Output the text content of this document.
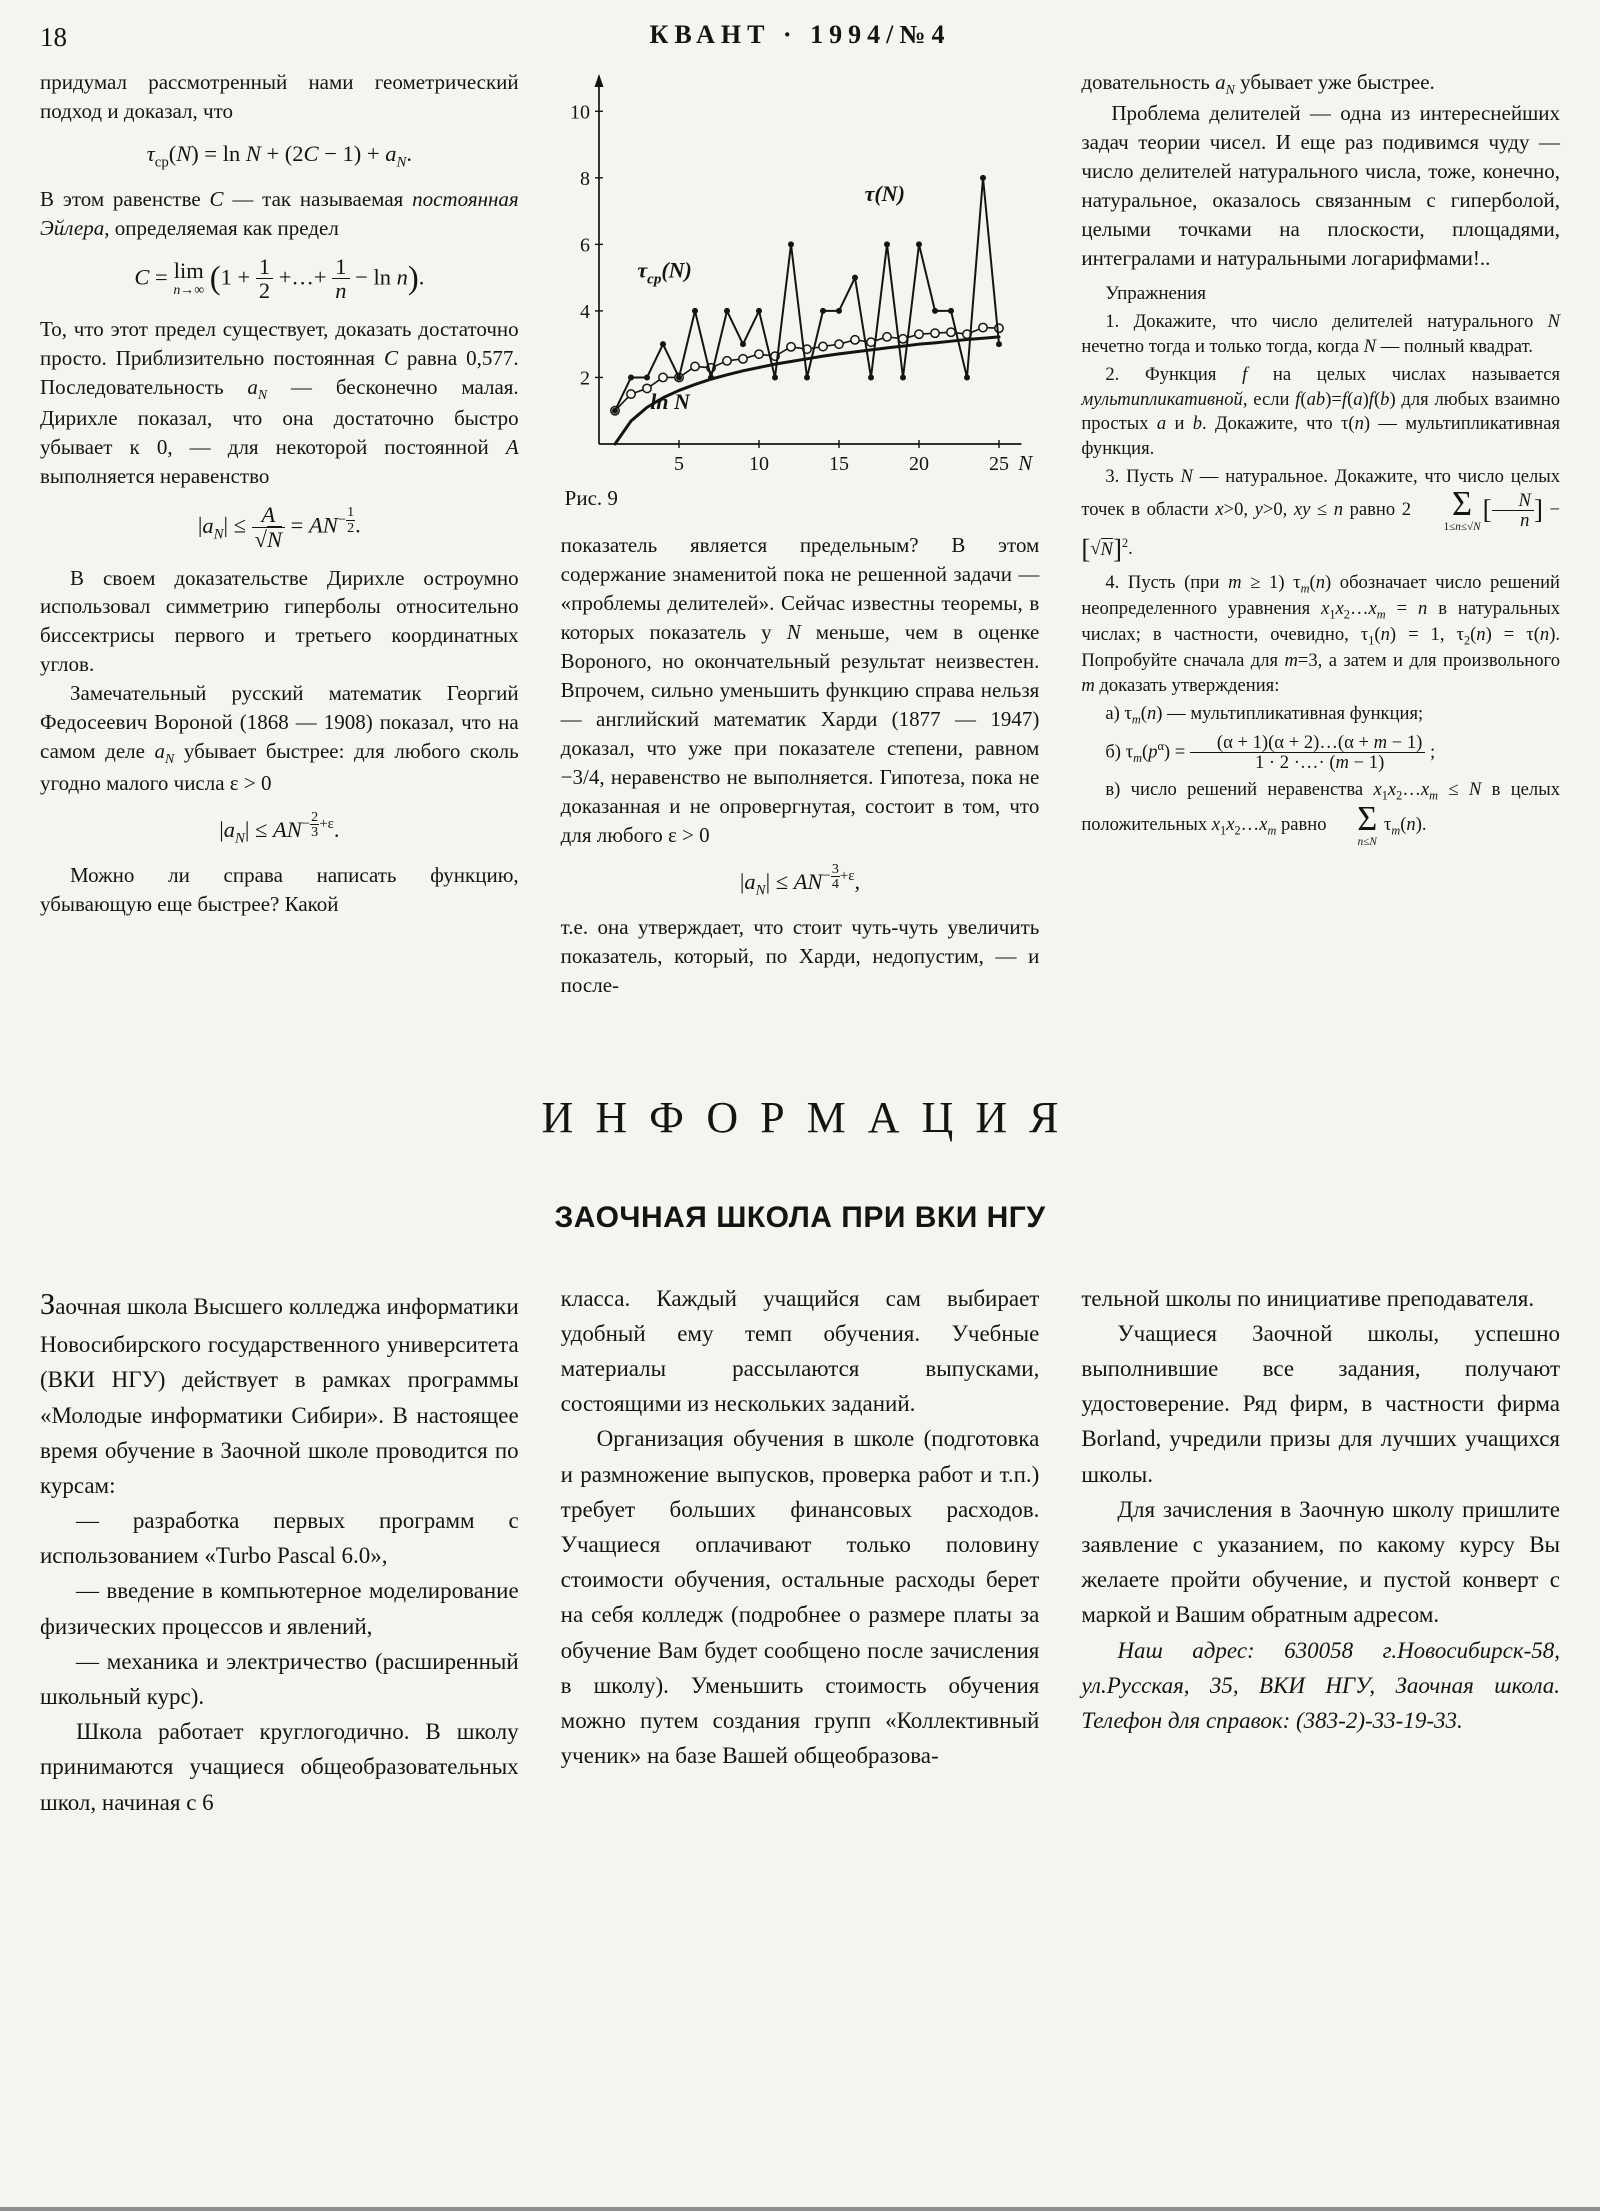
18	КВАНТ · 1994/№4

придумал рассмотренный нами геометрический подход и доказал, что

$\tau_{ср}(N) = \ln N + (2C - 1) + a_N$.

В этом равенстве C — так называемая постоянная Эйлера, определяемая как предел

C = lim
n→∞ ($1 + \frac{1}{2}$ +…+ $\frac{1}{n} - \ln n$).

То, что этот предел существует, доказать достаточно просто. Приблизительно постоянная C равна 0,577. Последовательность $a_N$ — бесконечно малая. Дирихле показал, что она достаточно быстро убывает к 0, — для некоторой постоянной A выполняется неравенство

$|a_N| \le \frac{A}{√N} = AN^{- \frac{1}{2}}$ .

В своем доказательстве Дирихле остроумно использовал симметрию гиперболы относительно биссектрисы первого и третьего координатных углов.

Замечательный русский математик Георгий Федосеевич Вороной (1868 — 1908) показал, что на самом деле $a_N$ убывает быстрее: для любого сколь угодно малого числа ε > 0

$|a_N| \le AN^{- \frac{2}{3} +\varepsilon}$.

Можно ли справа написать функцию, убывающую еще быстрее? Какой

2
4
6
8
10
5	10	15	20	25 N
τ(N)
$\tau_{ср}(N)$
ln N
Рис. 9

показатель является предельным? В этом содержание знаменитой пока не решенной задачи — «проблемы делителей». Сейчас известны теоремы, в которых показатель у N меньше, чем в оценке Вороного, но окончательный результат неизвестен. Впрочем, сильно уменьшить функцию справа нельзя — английский математик Харди (1877 — 1947) доказал, что уже при показателе степени, равном −3/4, неравенство не выполняется. Гипотеза, пока не доказанная и не опровергнутая, состоит в том, что для любого ε > 0

$|a_N| \le AN^{- \frac{3}{4} +\varepsilon}$,

т.е. она утверждает, что стоит чуть-чуть увеличить показатель, который, по Харди, недопустим, — и после-

довательность $a_N$ убывает уже быстрее.

Проблема делителей — одна из интереснейших задач теории чисел. И еще раз подивимся чуду — число делителей натурального числа, тоже, конечно, натуральное, оказалось связанным с гиперболой, целыми точками на плоскости, площадями, интегралами и натуральными логарифмами!..

Упражнения

1. Докажите, что число делителей натурального N нечетно тогда и только тогда, когда N — полный квадрат.

2. Функция f на целых числах называется мультипликативной, если f(ab)=f(a)f(b) для любых взаимно простых a и b. Докажите, что τ(n) — мультипликативная функция.

3. Пусть N — натуральное. Докажите, что число целых точек в области x>0, y>0, xy ≤ n равно 2	Σ
1≤n≤√N
[ $\frac{N}{n}$ ] − $[√N]^2$.

4. Пусть (при m ≥ 1) $\tau_m(n)$ обозначает число решений неопределенного уравнения $x_1x_2\dots x_m = n$ в натуральных числах; в частности, очевидно, $\tau_1(n) = 1$, $\tau_2(n) = \tau(n)$. Попробуйте сначала для m=3, а затем и для произвольного m доказать утверждения:

а) $\tau_m(n)$ — мультипликативная функция;

б) $\tau_m(p^\alpha) = \frac{(\alpha + 1)(\alpha + 2)\dots(\alpha + m - 1)}{1 \cdot 2 \cdot\dots\cdot (m - 1)}$ ;

в) число решений неравенства $x_1x_2\dots x_m \le N$ в целых положительных $x_1x_2\dots x_m$ равно Σ
n≤N
$\tau_m(n)$.

ИНФОРМАЦИЯ
ЗАОЧНАЯ ШКОЛА ПРИ ВКИ НГУ

Заочная школа Высшего колледжа информатики Новосибирского государственного университета (ВКИ НГУ) действует в рамках программы «Молодые информатики Сибири». В настоящее время обучение в Заочной школе проводится по курсам:

— разработка первых программ с использованием «Turbo Pascal 6.0»,

— введение в компьютерное моделирование физических процессов и явлений,

— механика и электричество (расширенный школьный курс).

Школа работает круглогодично. В школу принимаются учащиеся общеобразовательных школ, начиная с 6

класса. Каждый учащийся сам выбирает удобный ему темп обучения. Учебные материалы рассылаются выпусками, состоящими из нескольких заданий.

Организация обучения в школе (подготовка и размножение выпусков, проверка работ и т.п.) требует больших финансовых расходов. Учащиеся оплачивают только половину стоимости обучения, остальные расходы берет на себя колледж (подробнее о размере платы за обучение Вам будет сообщено после зачисления в школу). Уменьшить стоимость обучения можно путем создания групп «Коллективный ученик» на базе Вашей общеобразова-

тельной школы по инициативе преподавателя.

Учащиеся Заочной школы, успешно выполнившие все задания, получают удостоверение. Ряд фирм, в частности фирма Borland, учредили призы для лучших учащихся школы.

Для зачисления в Заочную школу пришлите заявление с указанием, по какому курсу Вы желаете пройти обучение, и пустой конверт с маркой и Вашим обратным адресом.

Наш адрес: 630058 г.Новосибирск-58, ул.Русская, 35, ВКИ НГУ, Заочная школа. Телефон для справок: (383-2)-33-19-33.
